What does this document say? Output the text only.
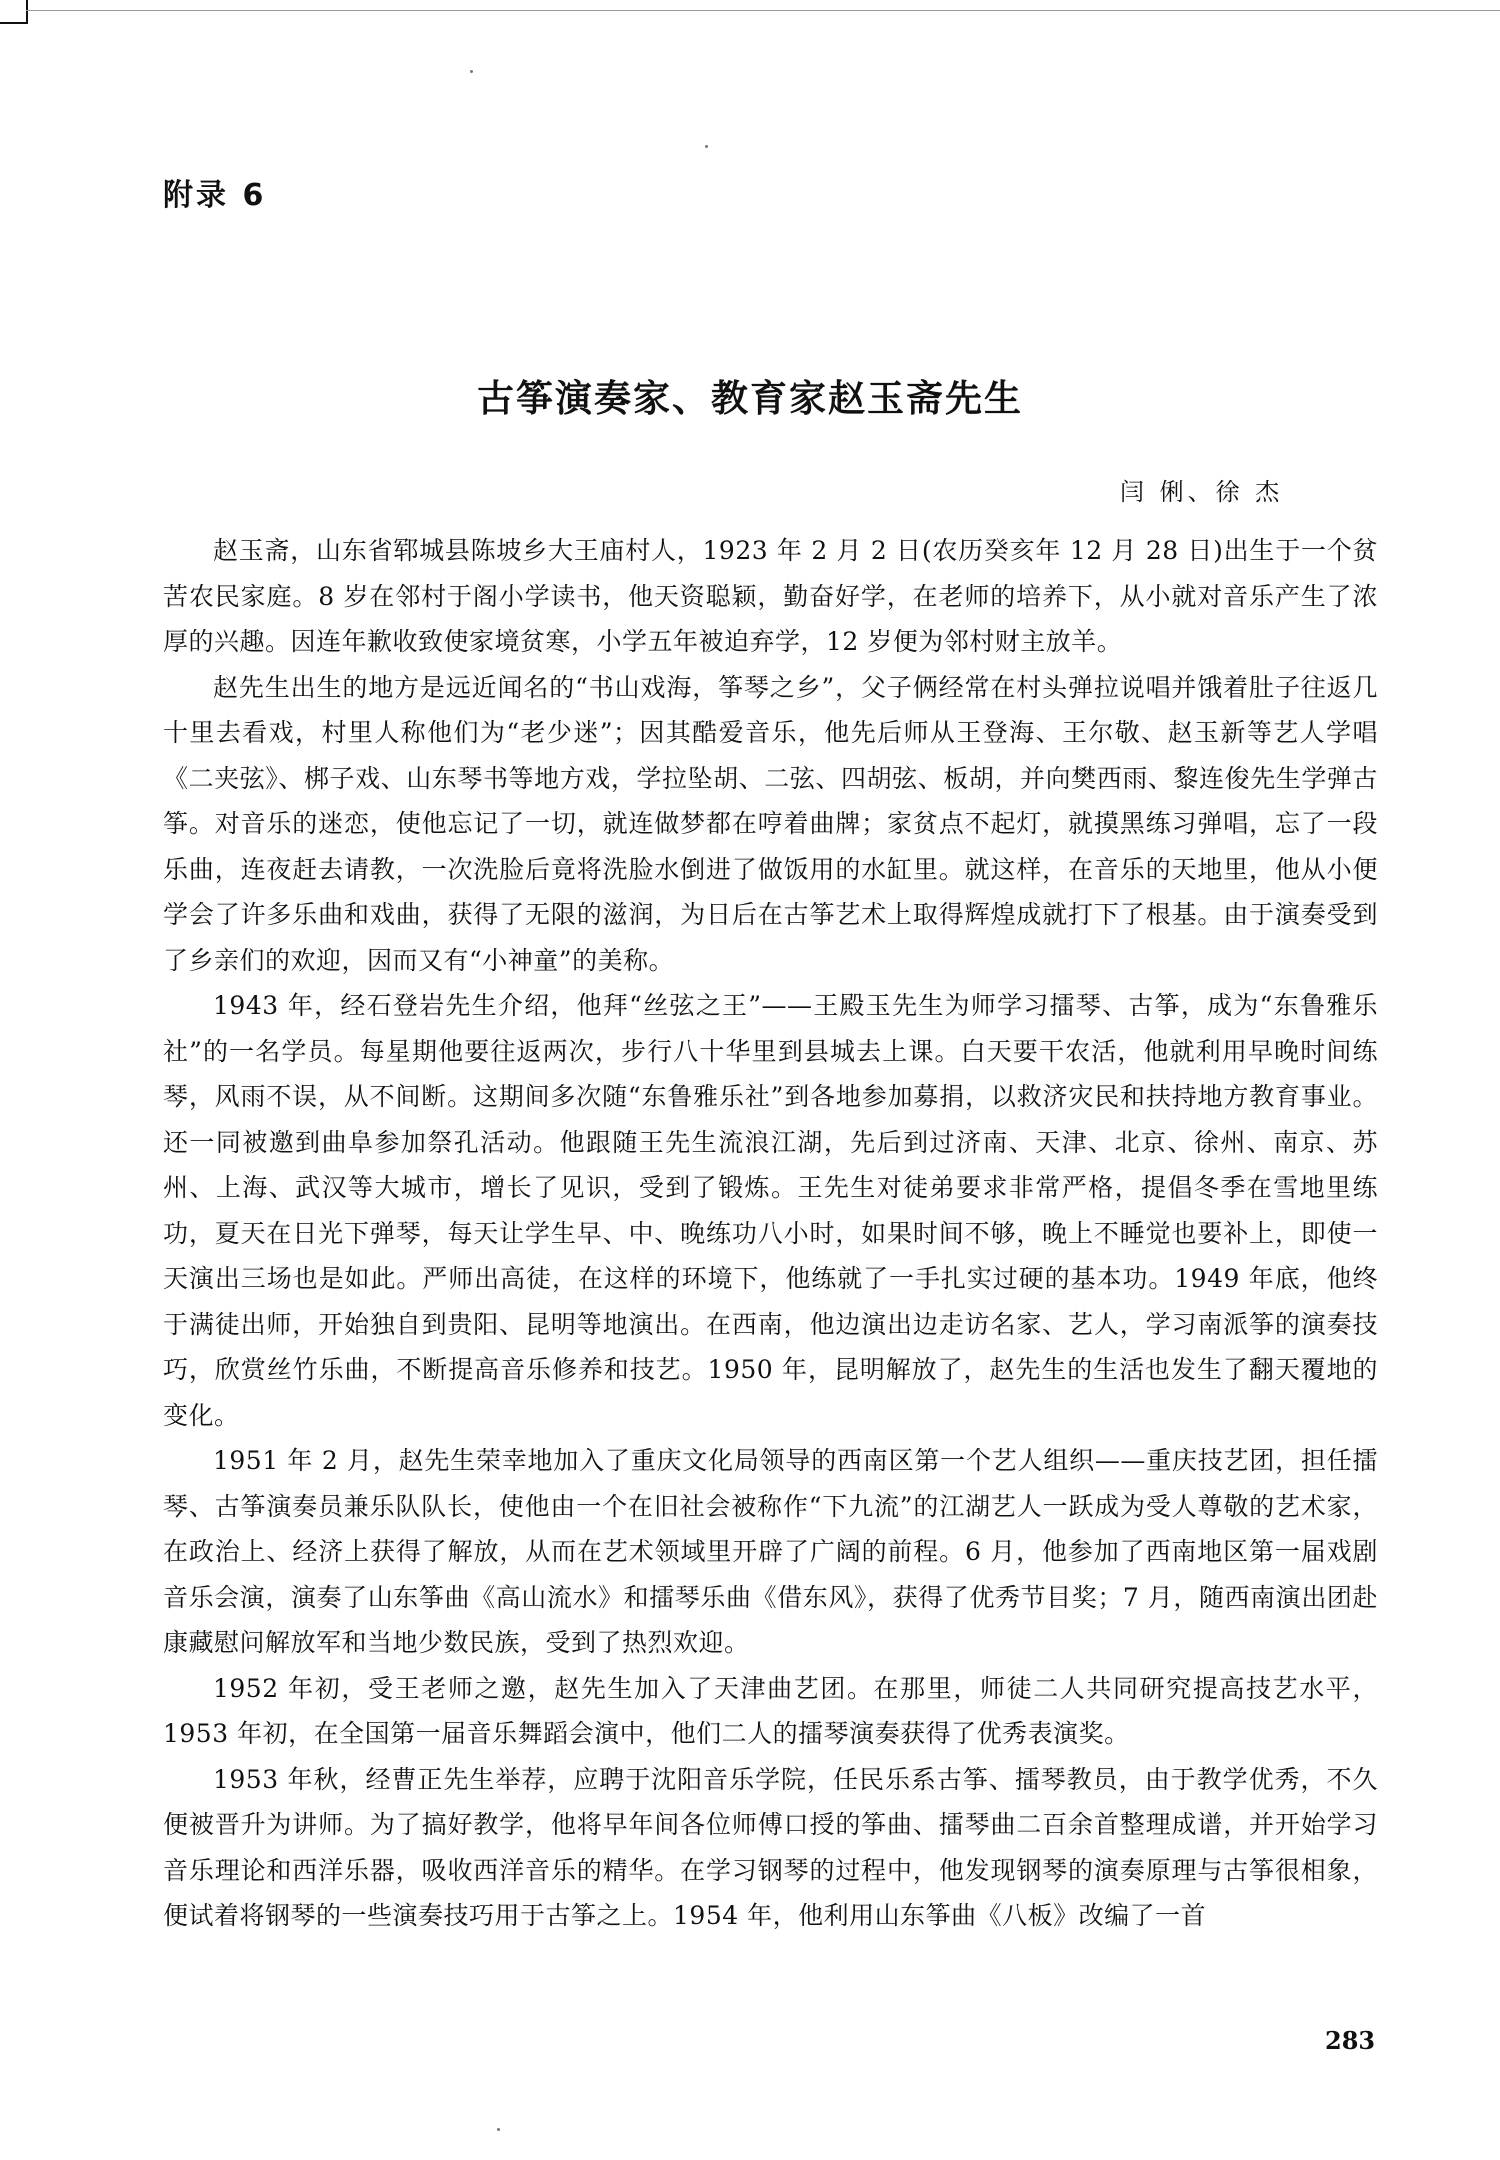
附录 6
古筝演奏家、教育家赵玉斋先生
闫 俐、徐 杰

赵玉斋，山东省郓城县陈坡乡大王庙村人，1923 年 2 月 2 日(农历癸亥年 12 月 28 日)出生于一个贫苦农民家庭。8 岁在邻村于阁小学读书，他天资聪颖，勤奋好学，在老师的培养下，从小就对音乐产生了浓厚的兴趣。因连年歉收致使家境贫寒，小学五年被迫弃学，12 岁便为邻村财主放羊。

赵先生出生的地方是远近闻名的“书山戏海，筝琴之乡”，父子俩经常在村头弹拉说唱并饿着肚子往返几十里去看戏，村里人称他们为“老少迷”；因其酷爱音乐，他先后师从王登海、王尔敬、赵玉新等艺人学唱《二夹弦》、梆子戏、山东琴书等地方戏，学拉坠胡、二弦、四胡弦、板胡，并向樊西雨、黎连俊先生学弹古筝。对音乐的迷恋，使他忘记了一切，就连做梦都在哼着曲牌；家贫点不起灯，就摸黑练习弹唱，忘了一段乐曲，连夜赶去请教，一次洗脸后竟将洗脸水倒进了做饭用的水缸里。就这样，在音乐的天地里，他从小便学会了许多乐曲和戏曲，获得了无限的滋润，为日后在古筝艺术上取得辉煌成就打下了根基。由于演奏受到了乡亲们的欢迎，因而又有“小神童”的美称。

1943 年，经石登岩先生介绍，他拜“丝弦之王”——王殿玉先生为师学习擂琴、古筝，成为“东鲁雅乐社”的一名学员。每星期他要往返两次，步行八十华里到县城去上课。白天要干农活，他就利用早晚时间练琴，风雨不误，从不间断。这期间多次随“东鲁雅乐社”到各地参加募捐，以救济灾民和扶持地方教育事业。还一同被邀到曲阜参加祭孔活动。他跟随王先生流浪江湖，先后到过济南、天津、北京、徐州、南京、苏州、上海、武汉等大城市，增长了见识，受到了锻炼。王先生对徒弟要求非常严格，提倡冬季在雪地里练功，夏天在日光下弹琴，每天让学生早、中、晚练功八小时，如果时间不够，晚上不睡觉也要补上，即使一天演出三场也是如此。严师出高徒，在这样的环境下，他练就了一手扎实过硬的基本功。1949 年底，他终于满徒出师，开始独自到贵阳、昆明等地演出。在西南，他边演出边走访名家、艺人，学习南派筝的演奏技巧，欣赏丝竹乐曲，不断提高音乐修养和技艺。1950 年，昆明解放了，赵先生的生活也发生了翻天覆地的变化。

1951 年 2 月，赵先生荣幸地加入了重庆文化局领导的西南区第一个艺人组织——重庆技艺团，担任擂琴、古筝演奏员兼乐队队长，使他由一个在旧社会被称作“下九流”的江湖艺人一跃成为受人尊敬的艺术家，在政治上、经济上获得了解放，从而在艺术领域里开辟了广阔的前程。6 月，他参加了西南地区第一届戏剧音乐会演，演奏了山东筝曲《高山流水》和擂琴乐曲《借东风》，获得了优秀节目奖；7 月，随西南演出团赴康藏慰问解放军和当地少数民族，受到了热烈欢迎。

1952 年初，受王老师之邀，赵先生加入了天津曲艺团。在那里，师徒二人共同研究提高技艺水平，1953 年初，在全国第一届音乐舞蹈会演中，他们二人的擂琴演奏获得了优秀表演奖。

1953 年秋，经曹正先生举荐，应聘于沈阳音乐学院，任民乐系古筝、擂琴教员，由于教学优秀，不久便被晋升为讲师。为了搞好教学，他将早年间各位师傅口授的筝曲、擂琴曲二百余首整理成谱，并开始学习音乐理论和西洋乐器，吸收西洋音乐的精华。在学习钢琴的过程中，他发现钢琴的演奏原理与古筝很相象，便试着将钢琴的一些演奏技巧用于古筝之上。1954 年，他利用山东筝曲《八板》改编了一首

283
